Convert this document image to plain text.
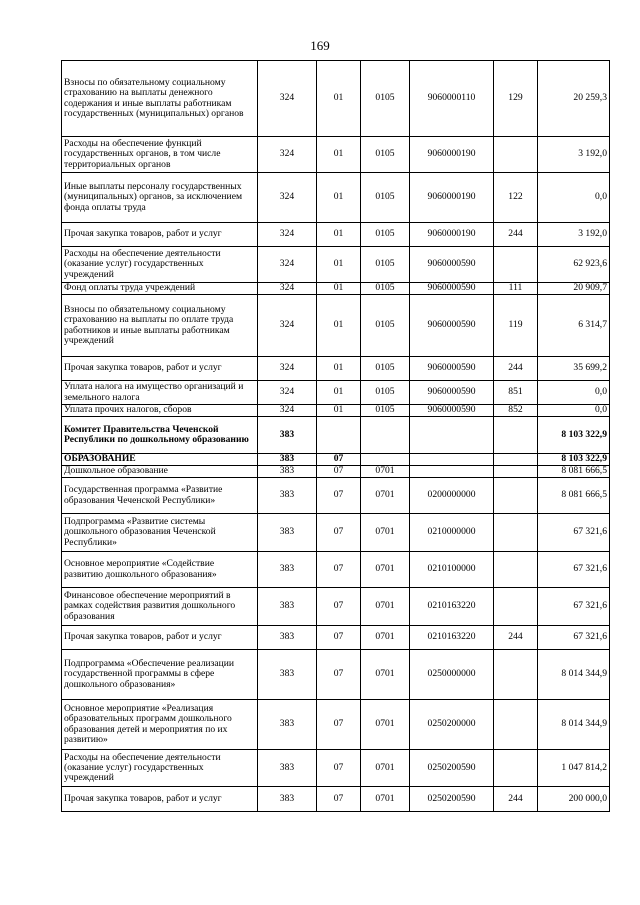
169
Взносы по обязательному социальному страхованию на выплаты денежного содержания и иные выплаты работникам государственных (муниципальных) органов	324	01	0105	9060000110	129	20 259,3
Расходы на обеспечение функций государственных органов, в том числе территориальных органов	324	01	0105	9060000190		3 192,0
Иные выплаты персоналу государственных (муниципальных) органов, за исключением фонда оплаты труда	324	01	0105	9060000190	122	0,0
Прочая закупка товаров, работ и услуг	324	01	0105	9060000190	244	3 192,0
Расходы на обеспечение деятельности (оказание услуг) государственных учреждений	324	01	0105	9060000590		62 923,6
Фонд оплаты труда учреждений	324	01	0105	9060000590	111	20 909,7
Взносы по обязательному социальному страхованию на выплаты по оплате труда работников и иные выплаты работникам учреждений	324	01	0105	9060000590	119	6 314,7
Прочая закупка товаров, работ и услуг	324	01	0105	9060000590	244	35 699,2
Уплата налога на имущество организаций и земельного налога	324	01	0105	9060000590	851	0,0
Уплата прочих налогов, сборов	324	01	0105	9060000590	852	0,0
Комитет Правительства Чеченской Республики по дошкольному образованию	383					8 103 322,9
ОБРАЗОВАНИЕ	383	07				8 103 322,9
Дошкольное образование	383	07	0701			8 081 666,5
Государственная программа «Развитие образования Чеченской Республики»	383	07	0701	0200000000		8 081 666,5
Подпрограмма «Развитие системы дошкольного образования Чеченской Республики»	383	07	0701	0210000000		67 321,6
Основное мероприятие «Содействие развитию дошкольного образования»	383	07	0701	0210100000		67 321,6
Финансовое обеспечение мероприятий в рамках содействия развития дошкольного образования	383	07	0701	0210163220		67 321,6
Прочая закупка товаров, работ и услуг	383	07	0701	0210163220	244	67 321,6
Подпрограмма «Обеспечение реализации государственной программы в сфере дошкольного образования»	383	07	0701	0250000000		8 014 344,9
Основное мероприятие «Реализация образовательных программ дошкольного образования детей и мероприятия по их развитию»	383	07	0701	0250200000		8 014 344,9
Расходы на обеспечение деятельности (оказание услуг) государственных учреждений	383	07	0701	0250200590		1 047 814,2
Прочая закупка товаров, работ и услуг	383	07	0701	0250200590	244	200 000,0
